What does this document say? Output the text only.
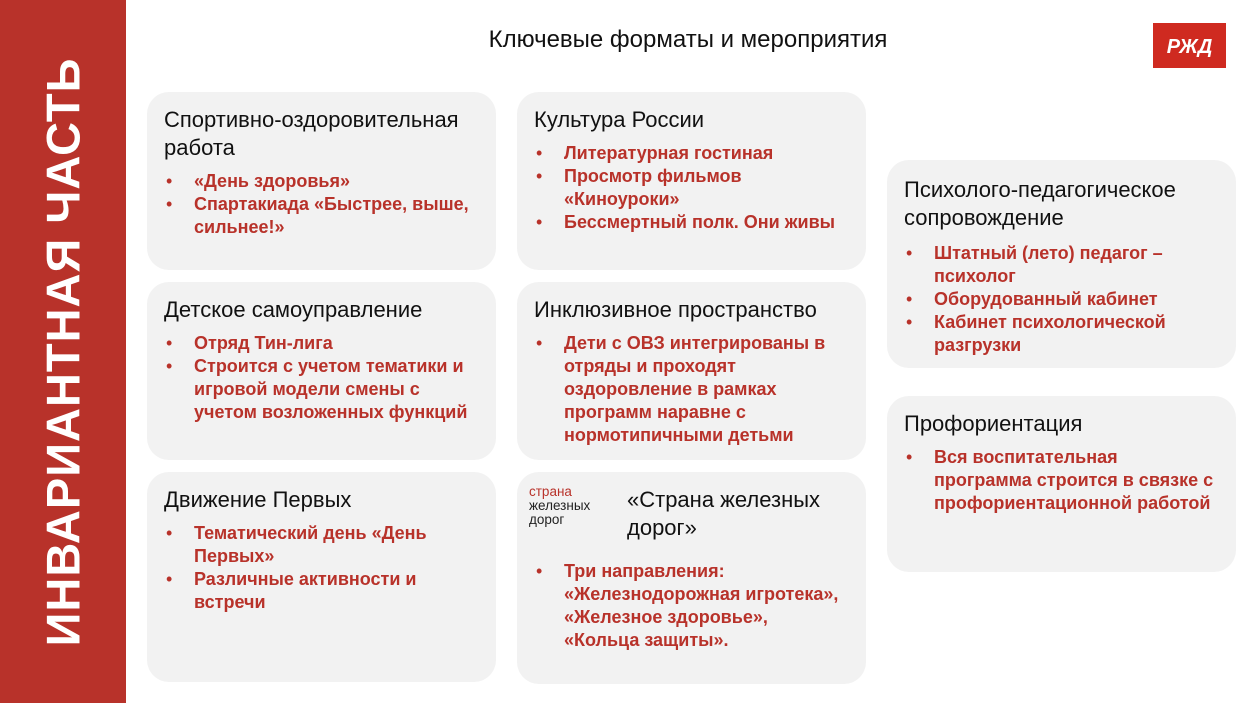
ИНВАРИАНТНАЯ ЧАСТЬ
Ключевые форматы и мероприятия	РЖД
Спортивно-оздоровительная работа
• «День здоровья»
• Спартакиада «Быстрее, выше, сильнее!»
Детское самоуправление
• Отряд Тин-лига
• Строится с учетом тематики и игровой модели смены с учетом возложенных функций
Движение Первых
• Тематический день «День Первых»
• Различные активности и встречи
Культура России
• Литературная гостиная
• Просмотр фильмов «Киноуроки»
• Бессмертный полк. Они живы
Инклюзивное пространство
• Дети с ОВЗ интегрированы в отряды и проходят оздоровление в рамках программ наравне с нормотипичными детьми
страна
железных
дорог
«Страна железных дорог»
• Три направления: «Железнодорожная игротека», «Железное здоровье», «Кольца защиты».
Психолого-педагогическое сопровождение
• Штатный (лето) педагог – психолог
• Оборудованный кабинет
• Кабинет психологической разгрузки
Профориентация
• Вся воспитательная программа строится в связке с профориентационной работой
